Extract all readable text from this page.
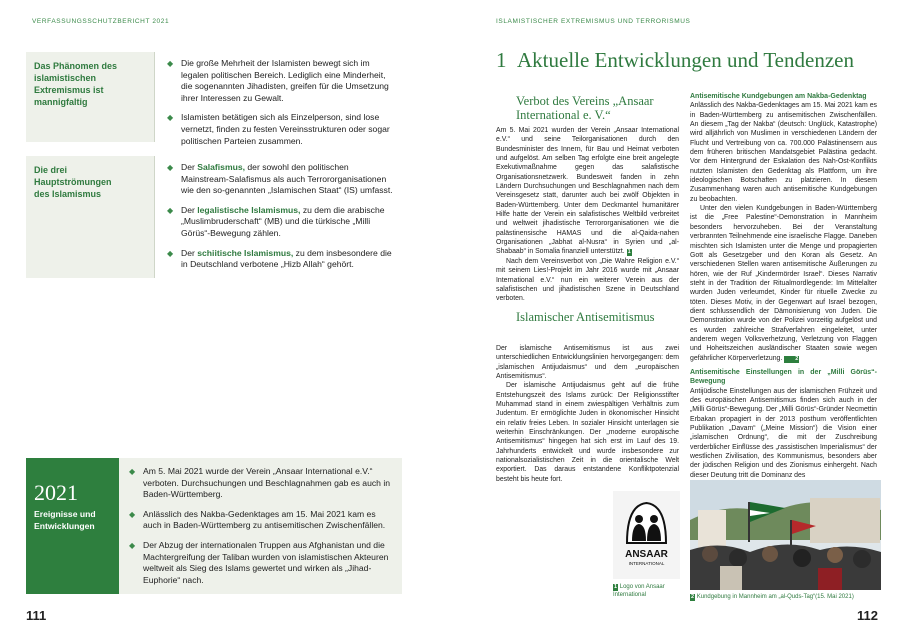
VERFASSUNGSSCHUTZBERICHT 2021	ISLAMISTISCHER EXTREMISMUS UND TERRORISMUS
Das Phänomen des islamistischen Extremismus ist mannigfaltig
◆ Die große Mehrheit der Islamisten bewegt sich im legalen politischen Bereich. Lediglich eine Minderheit, die sogenannten Jihadisten, greifen für die Umsetzung ihrer Interessen zu Gewalt.
◆ Islamisten betätigen sich als Einzelperson, sind lose vernetzt, finden zu festen Vereinsstrukturen oder sogar politischen Parteien zusammen.
Die drei Hauptströmungen des Islamismus
◆ Der Salafismus, der sowohl den politischen Mainstream-Salafismus als auch Terrororganisationen wie den so-genannten „Islamischen Staat“ (IS) umfasst.
◆ Der legalistische Islamismus, zu dem die arabische „Muslimbruderschaft“ (MB) und die türkische „Milli Görüs“-Bewegung zählen.
◆ Der schiitische Islamismus, zu dem insbesondere die in Deutschland verbotene „Hizb Allah“ gehört.
2021
Ereignisse und Entwicklungen
◆ Am 5. Mai 2021 wurde der Verein „Ansaar International e.V.“ verboten. Durchsuchungen und Beschlagnahmen gab es auch in Baden-Württemberg.
◆ Anlässlich des Nakba-Gedenktages am 15. Mai 2021 kam es auch in Baden-Württemberg zu antisemitischen Zwischenfällen.
◆ Der Abzug der internationalen Truppen aus Afghanistan und die Machtergreifung der Taliban wurden von islamistischen Akteuren weltweit als Sieg des Islams gewertet und wirken als „Jihad-Euphorie“ nach.
111	112
1 Aktuelle Entwicklungen und Tendenzen
Verbot des Vereins „Ansaar International e. V.“

Am 5. Mai 2021 wurden der Verein „Ansaar International e.V.“ und seine Teilorganisationen durch den Bundesminister des Innern, für Bau und Heimat verboten und aufgelöst. Am selben Tag erfolgte eine breit angelegte Exekutivmaßnahme gegen das salafistische Organisationsnetzwerk. Bundesweit fanden in zehn Ländern Durchsuchungen und Beschlagnahmen nach dem Vereinsgesetz statt, darunter auch bei zwölf Objekten in Baden-Württemberg. Unter dem Deckmantel humanitärer Hilfe hatte der Verein ein salafistisches Weltbild verbreitet und weltweit jihadistische Terrororganisationen wie die palästinensische HAMAS und die al-Qaida-nahen Organisationen „Jabhat al-Nusra“ in Syrien und „al-Shabaab“ in Somalia finanziell unterstützt. 1

Nach dem Vereinsverbot von „Die Wahre Religion e.V.“ mit seinem Lies!-Projekt im Jahr 2016 wurde mit „Ansaar International e.V.“ nun ein weiterer Verein aus der salafistischen und jihadistischen Szene in Deutschland verboten.

Islamischer Antisemitismus

Der islamische Antisemitismus ist aus zwei unterschiedlichen Entwicklungslinien hervorgegangen: dem „islamischen Antijudaismus“ und dem „europäischen Antisemitismus“.

Der islamische Antijudaismus geht auf die frühe Entstehungszeit des Islams zurück: Der Religionsstifter Muhammad stand in einem zwiespältigen Verhältnis zum Judentum. Er ermöglichte Juden in ökonomischer Hinsicht ein relativ freies Leben. In sozialer Hinsicht unterlagen sie weiterhin Einschränkungen. Der „moderne europäische Antisemitismus“ hingegen hat sich erst im Lauf des 19. Jahrhunderts entwickelt und wurde insbesondere zur nationalsozialistischen Zeit in die orientalische Welt exportiert. Das daraus entstandene Konfliktpotenzial besteht bis heute fort.

Antisemitische Kundgebungen am Nakba-Gedenktag

Anlässlich des Nakba-Gedenktages am 15. Mai 2021 kam es in Baden-Württemberg zu antisemitischen Zwischenfällen. An diesem „Tag der Nakba“ (deutsch: Unglück, Katastrophe) wird alljährlich von Muslimen in verschiedenen Ländern der Flucht und Vertreibung von ca. 700.000 Palästinensern aus dem früheren britischen Mandatsgebiet Palästina gedacht. Vor dem Hintergrund der Eskalation des Nah-Ost-Konflikts nutzten Islamisten den Gedenktag als Plattform, um ihre ideologischen Botschaften zu platzieren. In diesem Zusammenhang waren auch antisemitische Kundgebungen zu beobachten.

Unter den vielen Kundgebungen in Baden-Württemberg ist die „Free Palestine“-Demonstration in Mannheim besonders hervorzuheben. Bei der Veranstaltung verbrannten Teilnehmende eine israelische Flagge. Daneben mischten sich Islamisten unter die Menge und propagierten Gott als Gesetzgeber und den Koran als Gesetz. An verschiedenen Stellen waren antisemitische Äußerungen zu hören, wie der Ruf „Kindermörder Israel“. Dieses Narrativ steht in der Tradition der Ritualmordlegende: Im Mittelalter wurden Juden verleumdet, Kinder für rituelle Zwecke zu töten. Dieses Motiv, in der Gegenwart auf Israel bezogen, dient schlussendlich der Dämonisierung von Juden. Die Demonstration wurde von der Polizei vorzeitig aufgelöst und es wurden zahlreiche Strafverfahren eingeleitet, unter anderem wegen Volksverhetzung, Verletzung von Flaggen und Hoheitszeichen ausländischer Staaten sowie wegen gefährlicher Körperverletzung. 2

Antisemitische Einstellungen in der „Milli Görüs“-Bewegung

Antijüdische Einstellungen aus der islamischen Frühzeit und des europäischen Antisemitismus finden sich auch in der „Milli Görüs“-Bewegung. Der „Milli Görüs“-Gründer Necmettin Erbakan propagiert in der 2013 posthum veröffentlichten Publikation „Davam“ („Meine Mission“) die Vision einer „islamischen Ordnung“, die mit der Zuschreibung verderblicher Einflüsse des „rassistischen Imperialismus“ der westlichen Zivilisation, des Kommunismus, besonders aber der jüdischen Religion und des Zionismus einhergeht. Nach dieser Deutung tritt die Dominanz des

ANSAAR
INTERNATIONAL
1 Logo von Ansaar International	2 Kundgebung in Mannheim am „al-Quds-Tag“(15. Mai 2021)
